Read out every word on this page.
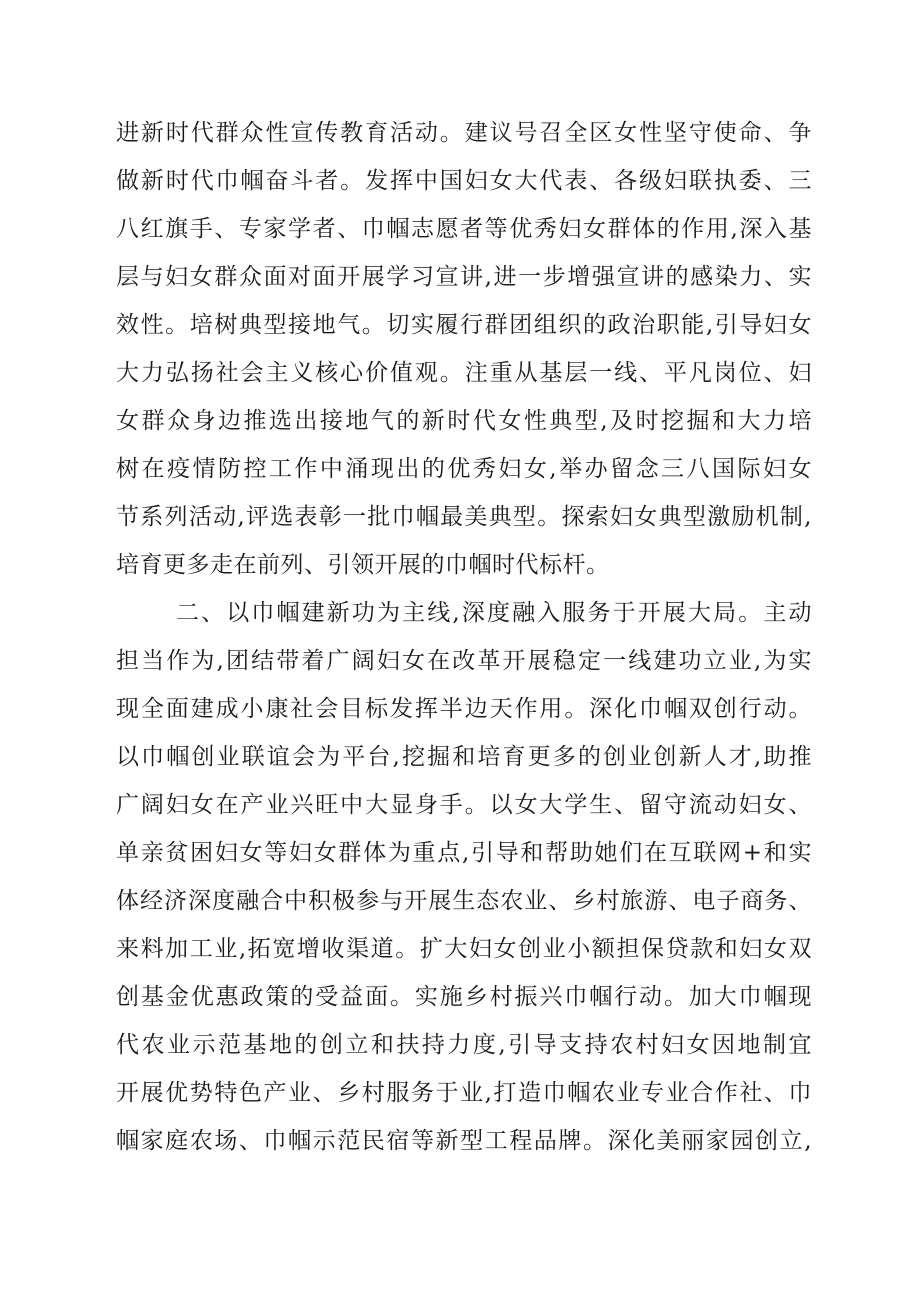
进新时代群众性宣传教育活动。建议号召全区女性坚守使命、争
做新时代巾帼奋斗者。发挥中国妇女大代表、各级妇联执委、三
八红旗手、专家学者、巾帼志愿者等优秀妇女群体的作用,深入基
层与妇女群众面对面开展学习宣讲,进一步增强宣讲的感染力、实
效性。培树典型接地气。切实履行群团组织的政治职能,引导妇女
大力弘扬社会主义核心价值观。注重从基层一线、平凡岗位、妇
女群众身边推选出接地气的新时代女性典型,及时挖掘和大力培
树在疫情防控工作中涌现出的优秀妇女,举办留念三八国际妇女
节系列活动,评选表彰一批巾帼最美典型。探索妇女典型激励机制,
培育更多走在前列、引领开展的巾帼时代标杆。
二、以巾帼建新功为主线,深度融入服务于开展大局。主动
担当作为,团结带着广阔妇女在改革开展稳定一线建功立业,为实
现全面建成小康社会目标发挥半边天作用。深化巾帼双创行动。
以巾帼创业联谊会为平台,挖掘和培育更多的创业创新人才,助推
广阔妇女在产业兴旺中大显身手。以女大学生、留守流动妇女、
单亲贫困妇女等妇女群体为重点,引导和帮助她们在互联网+和实
体经济深度融合中积极参与开展生态农业、乡村旅游、电子商务、
来料加工业,拓宽增收渠道。扩大妇女创业小额担保贷款和妇女双
创基金优惠政策的受益面。实施乡村振兴巾帼行动。加大巾帼现
代农业示范基地的创立和扶持力度,引导支持农村妇女因地制宜
开展优势特色产业、乡村服务于业,打造巾帼农业专业合作社、巾
帼家庭农场、巾帼示范民宿等新型工程品牌。深化美丽家园创立,
